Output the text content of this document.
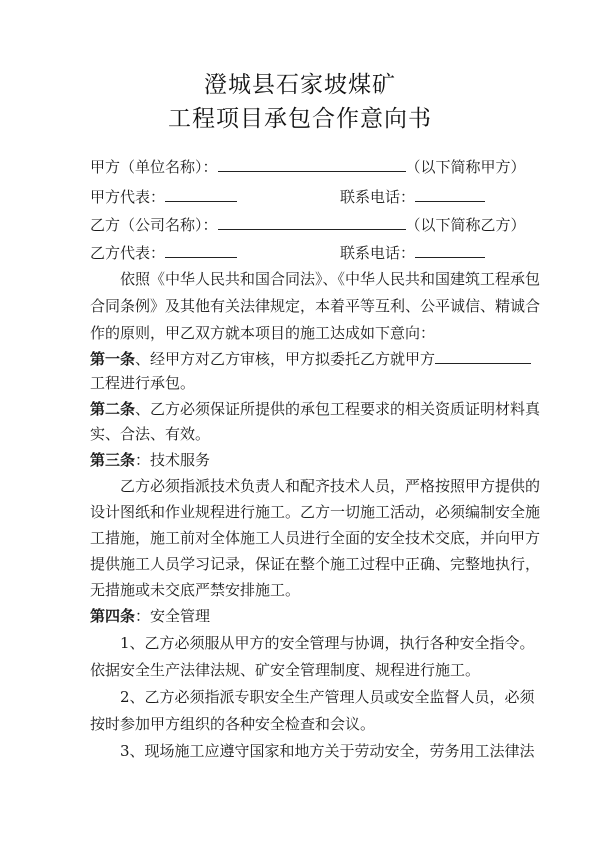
澄城县石家坡煤矿
工程项目承包合作意向书
甲方（单位名称）：	（以下简称甲方）
甲方代表：	联系电话：
乙方（公司名称）：	（以下简称乙方）
乙方代表：	联系电话：
依照《中华人民共和国合同法》、《中华人民共和国建筑工程承包
合同条例》及其他有关法律规定，本着平等互利、公平诚信、精诚合
作的原则，甲乙双方就本项目的施工达成如下意向：
第一条、经甲方对乙方审核，甲方拟委托乙方就甲方
工程进行承包。
第二条、乙方必须保证所提供的承包工程要求的相关资质证明材料真
实、合法、有效。
第三条：技术服务
乙方必须指派技术负责人和配齐技术人员，严格按照甲方提供的
设计图纸和作业规程进行施工。乙方一切施工活动，必须编制安全施
工措施，施工前对全体施工人员进行全面的安全技术交底，并向甲方
提供施工人员学习记录，保证在整个施工过程中正确、完整地执行，
无措施或未交底严禁安排施工。
第四条：安全管理
1、乙方必须服从甲方的安全管理与协调，执行各种安全指令。
依据安全生产法律法规、矿安全管理制度、规程进行施工。
2、乙方必须指派专职安全生产管理人员或安全监督人员，必须
按时参加甲方组织的各种安全检查和会议。
3、现场施工应遵守国家和地方关于劳动安全，劳务用工法律法
